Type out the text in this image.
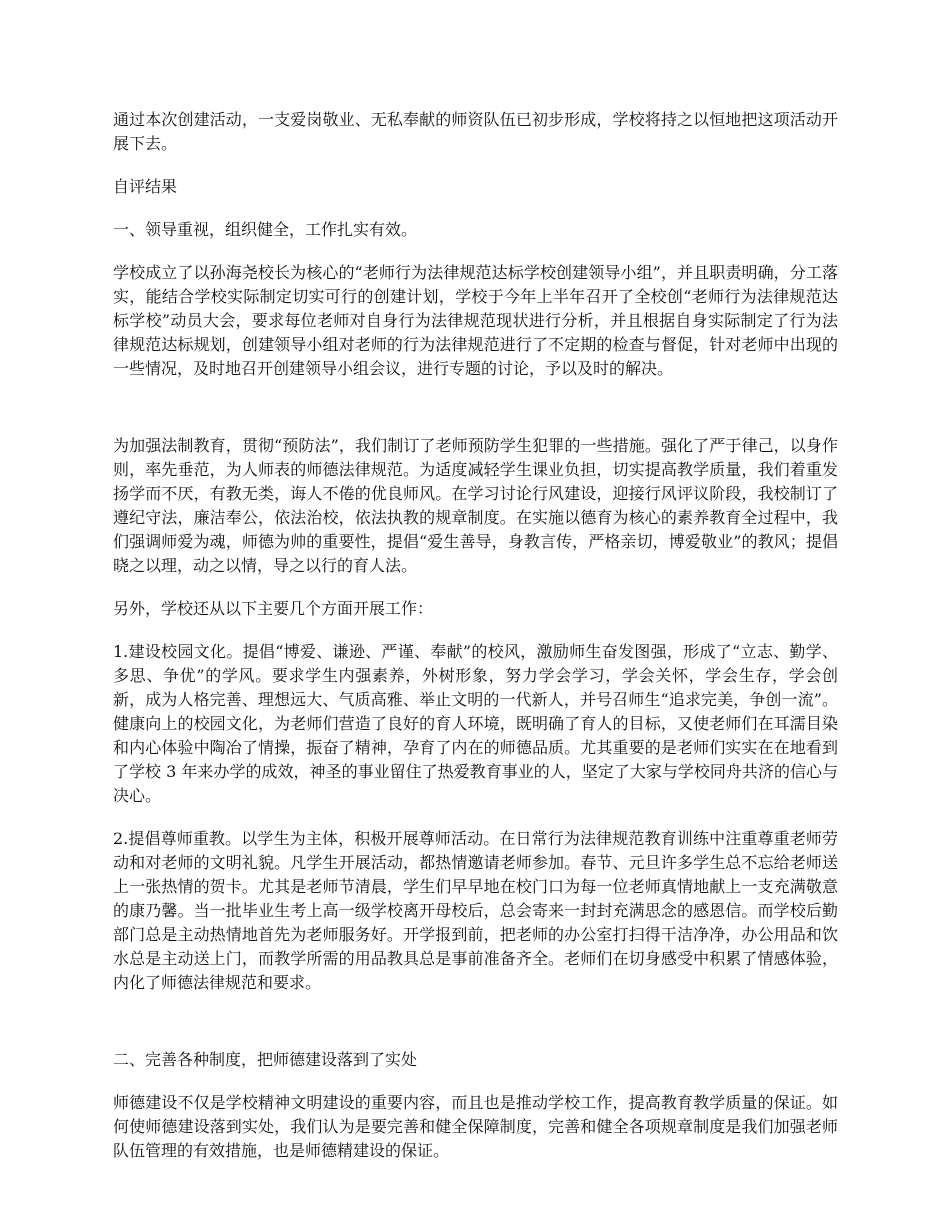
通过本次创建活动，一支爱岗敬业、无私奉献的师资队伍已初步形成，学校将持之以恒地把这项活动开展下去。

自评结果

一、领导重视，组织健全，工作扎实有效。

学校成立了以孙海尧校长为核心的“老师行为法律规范达标学校创建领导小组”，并且职责明确，分工落实，能结合学校实际制定切实可行的创建计划，学校于今年上半年召开了全校创“老师行为法律规范达标学校”动员大会，要求每位老师对自身行为法律规范现状进行分析，并且根据自身实际制定了行为法律规范达标规划，创建领导小组对老师的行为法律规范进行了不定期的检查与督促，针对老师中出现的一些情况，及时地召开创建领导小组会议，进行专题的讨论，予以及时的解决。

为加强法制教育，贯彻“预防法”，我们制订了老师预防学生犯罪的一些措施。强化了严于律己，以身作则，率先垂范，为人师表的师德法律规范。为适度减轻学生课业负担，切实提高教学质量，我们着重发扬学而不厌，有教无类，诲人不倦的优良师风。在学习讨论行风建设，迎接行风评议阶段，我校制订了遵纪守法，廉洁奉公，依法治校，依法执教的规章制度。在实施以德育为核心的素养教育全过程中，我们强调师爱为魂，师德为帅的重要性，提倡“爱生善导，身教言传，严格亲切，博爱敬业”的教风；提倡晓之以理，动之以情，导之以行的育人法。

另外，学校还从以下主要几个方面开展工作：

1.建设校园文化。提倡“博爱、谦逊、严谨、奉献”的校风，激励师生奋发图强，形成了“立志、勤学、多思、争优”的学风。要求学生内强素养，外树形象，努力学会学习，学会关怀，学会生存，学会创新，成为人格完善、理想远大、气质高雅、举止文明的一代新人，并号召师生“追求完美，争创一流”。健康向上的校园文化，为老师们营造了良好的育人环境，既明确了育人的目标，又使老师们在耳濡目染和内心体验中陶冶了情操，振奋了精神，孕育了内在的师德品质。尤其重要的是老师们实实在在地看到了学校 3 年来办学的成效，神圣的事业留住了热爱教育事业的人，坚定了大家与学校同舟共济的信心与决心。

2.提倡尊师重教。以学生为主体，积极开展尊师活动。在日常行为法律规范教育训练中注重尊重老师劳动和对老师的文明礼貌。凡学生开展活动，都热情邀请老师参加。春节、元旦许多学生总不忘给老师送上一张热情的贺卡。尤其是老师节清晨，学生们早早地在校门口为每一位老师真情地献上一支充满敬意的康乃馨。当一批毕业生考上高一级学校离开母校后，总会寄来一封封充满思念的感恩信。而学校后勤部门总是主动热情地首先为老师服务好。开学报到前，把老师的办公室打扫得干洁净净，办公用品和饮水总是主动送上门，而教学所需的用品教具总是事前准备齐全。老师们在切身感受中积累了情感体验，内化了师德法律规范和要求。

二、完善各种制度，把师德建设落到了实处

师德建设不仅是学校精神文明建设的重要内容，而且也是推动学校工作，提高教育教学质量的保证。如何使师德建设落到实处，我们认为是要完善和健全保障制度，完善和健全各项规章制度是我们加强老师队伍管理的有效措施，也是师德精建设的保证。
